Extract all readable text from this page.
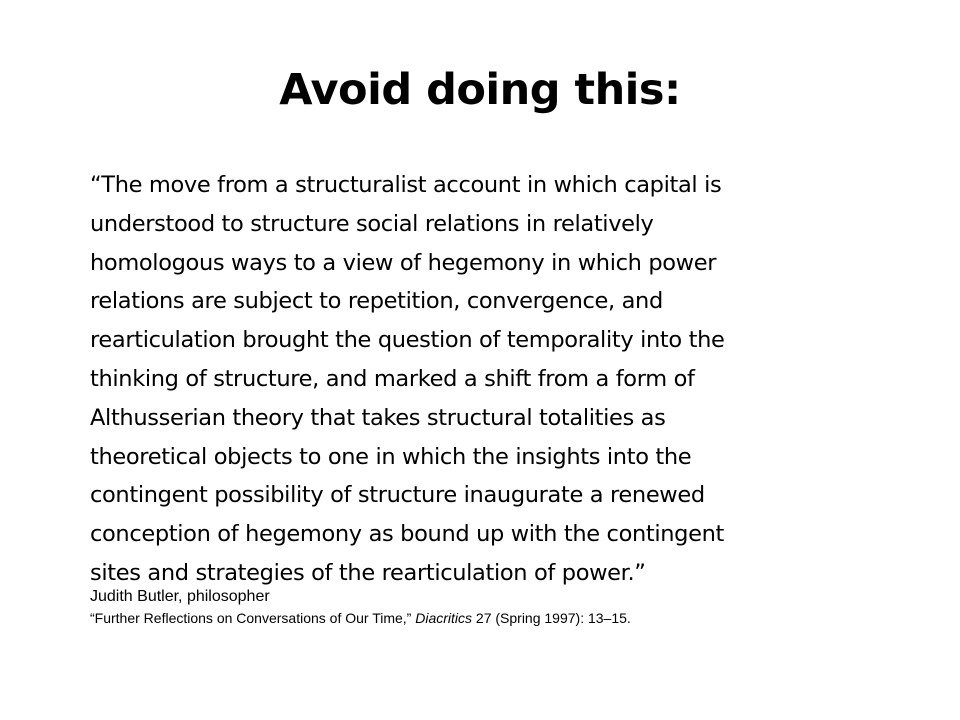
Avoid doing this:
“The move from a structuralist account in which capital is
understood to structure social relations in relatively
homologous ways to a view of hegemony in which power
relations are subject to repetition, convergence, and
rearticulation brought the question of temporality into the
thinking of structure, and marked a shift from a form of
Althusserian theory that takes structural totalities as
theoretical objects to one in which the insights into the
contingent possibility of structure inaugurate a renewed
conception of hegemony as bound up with the contingent
sites and strategies of the rearticulation of power.”
Judith Butler, philosopher
“Further Reflections on Conversations of Our Time,” Diacritics 27 (Spring 1997): 13–15.
